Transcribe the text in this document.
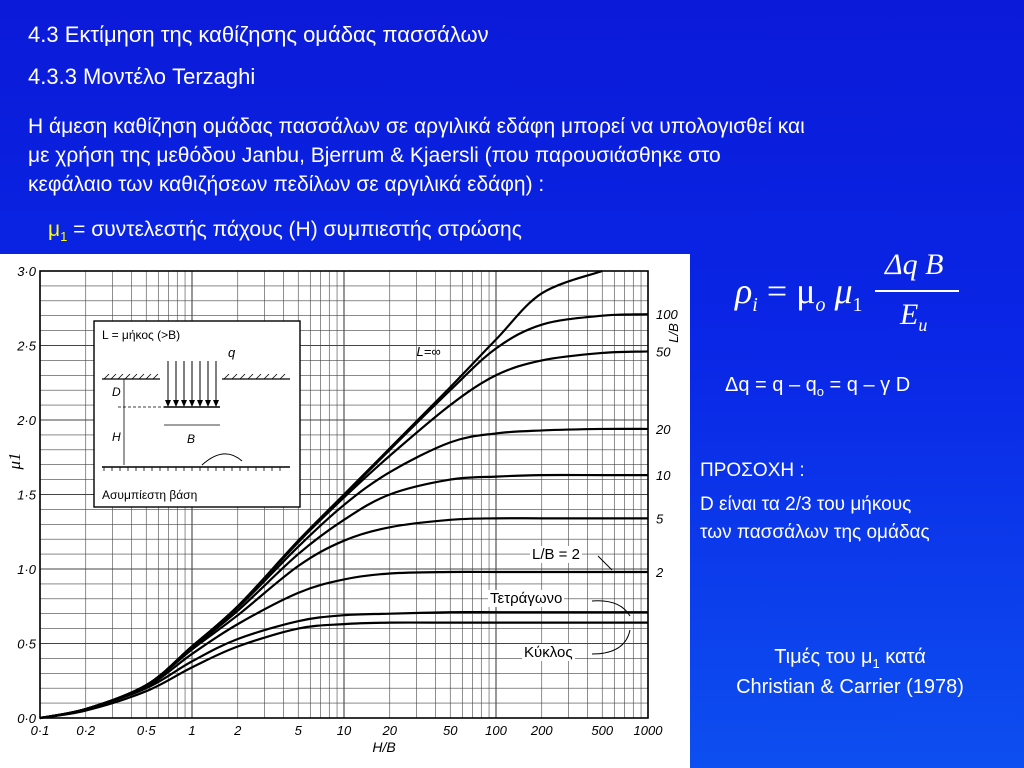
4.3 Εκτίμηση της καθίζησης ομάδας πασσάλων
4.3.3 Μοντέλο Terzaghi
Η άμεση καθίζηση ομάδας πασσάλων σε αργιλικά εδάφη μπορεί να υπολογισθεί και
με χρήση της μεθόδου Janbu, Bjerrum & Kjaersli (που παρουσιάσθηκε στο
κεφάλαιο των καθιζήσεων πεδίλων σε αργιλικά εδάφη) :
$\mu_1 = \sigma\upsilon\nu\tau\varepsilon\lambda\varepsilon\sigma\tau ή\varsigma$ πάχους (Η) συμπιεστής στρώσης
$\rho_i = \mu_o$ $\mu_1$
Δq B
$E_u$
$\Delta q = q - q_o = q - \gamma$ D
ΠΡΟΣΟΧΗ :
D είναι τα 2/3 του μήκους
των πασσάλων της ομάδας
Τιμές του $\mu_1$ κατά
Christian & Carrier (1978)
0·1 0·2	0·5	1	2	5	10 20	50 100 200	500 1000
0·0
0·5
1·0
1·5
2·0
2·5
3·0
H/B
μ1
L/B
100
50
20
10
5
2
L=∞
L = μήκος (>B)
q
D
H	B
Ασυμπίεστη βάση
L/B = 2
Τετράγωνο
Κύκλος
